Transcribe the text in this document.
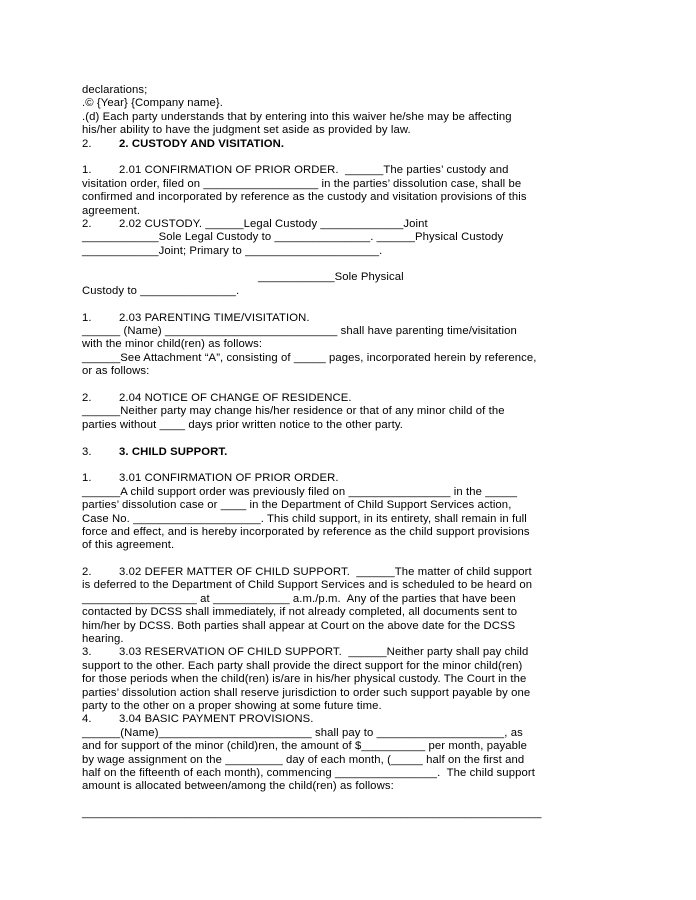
declarations;
.© {Year} {Company name}.
.(d) Each party understands that by entering into this waiver he/she may be affecting
his/her ability to have the judgment set aside as provided by law.
2. 2. CUSTODY AND VISITATION.
1. 2.01 CONFIRMATION OF PRIOR ORDER.  ______The parties’ custody and
visitation order, filed on __________________ in the parties’ dissolution case, shall be
confirmed and incorporated by reference as the custody and visitation provisions of this
agreement.
2. 2.02 CUSTODY. ______Legal Custody _____________Joint
____________Sole Legal Custody to _______________. ______Physical Custody
____________Joint; Primary to _____________________.
____________Sole Physical
Custody to _______________.
1. 2.03 PARENTING TIME/VISITATION.
______ (Name) ___________________________ shall have parenting time/visitation
with the minor child(ren) as follows:
______See Attachment “A”, consisting of _____ pages, incorporated herein by reference,
or as follows:
2. 2.04 NOTICE OF CHANGE OF RESIDENCE.
______Neither party may change his/her residence or that of any minor child of the
parties without ____ days prior written notice to the other party.
3. 3. CHILD SUPPORT.
1. 3.01 CONFIRMATION OF PRIOR ORDER.
______A child support order was previously filed on ________________ in the _____
parties’ dissolution case or ____ in the Department of Child Support Services action,
Case No. ____________________. This child support, in its entirety, shall remain in full
force and effect, and is hereby incorporated by reference as the child support provisions
of this agreement.
2. 3.02 DEFER MATTER OF CHILD SUPPORT.  ______The matter of child support
is deferred to the Department of Child Support Services and is scheduled to be heard on
__________________ at ____________ a.m./p.m.  Any of the parties that have been
contacted by DCSS shall immediately, if not already completed, all documents sent to
him/her by DCSS. Both parties shall appear at Court on the above date for the DCSS
hearing.
3. 3.03 RESERVATION OF CHILD SUPPORT.  ______Neither party shall pay child
support to the other. Each party shall provide the direct support for the minor child(ren)
for those periods when the child(ren) is/are in his/her physical custody. The Court in the
parties’ dissolution action shall reserve jurisdiction to order such support payable by one
party to the other on a proper showing at some future time.
4. 3.04 BASIC PAYMENT PROVISIONS.
______(Name)________________________ shall pay to ____________________, as
and for support of the minor (child)ren, the amount of $__________ per month, payable
by wage assignment on the _________ day of each month, (_____ half on the first and
half on the fifteenth of each month), commencing ________________.  The child support
amount is allocated between/among the child(ren) as follows:
________________________________________________________________________
